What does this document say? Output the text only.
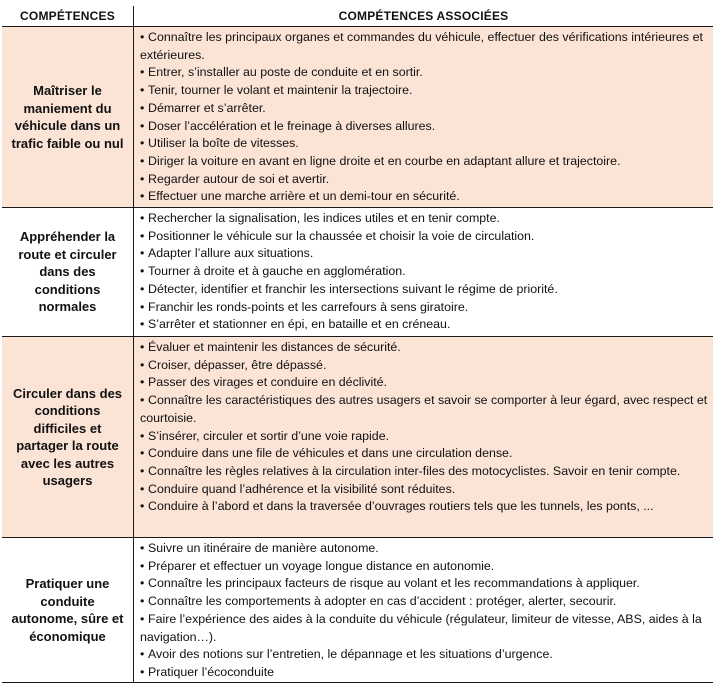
COMPÉTENCES	COMPÉTENCES ASSOCIÉES
Maîtriser le maniement du véhicule dans un trafic faible ou nul
• Connaître les principaux organes et commandes du véhicule, effectuer des vérifications intérieures et extérieures.
• Entrer, s’installer au poste de conduite et en sortir.
• Tenir, tourner le volant et maintenir la trajectoire.
• Démarrer et s’arrêter.
• Doser l’accélération et le freinage à diverses allures.
• Utiliser la boîte de vitesses.
• Diriger la voiture en avant en ligne droite et en courbe en adaptant allure et trajectoire.
• Regarder autour de soi et avertir.
• Effectuer une marche arrière et un demi-tour en sécurité.
Appréhender la route et circuler dans des conditions normales
• Rechercher la signalisation, les indices utiles et en tenir compte.
• Positionner le véhicule sur la chaussée et choisir la voie de circulation.
• Adapter l’allure aux situations.
• Tourner à droite et à gauche en agglomération.
• Détecter, identifier et franchir les intersections suivant le régime de priorité.
• Franchir les ronds-points et les carrefours à sens giratoire.
• S’arrêter et stationner en épi, en bataille et en créneau.
Circuler dans des conditions difficiles et partager la route avec les autres usagers
• Évaluer et maintenir les distances de sécurité.
• Croiser, dépasser, être dépassé.
• Passer des virages et conduire en déclivité.
• Connaître les caractéristiques des autres usagers et savoir se comporter à leur égard, avec respect et courtoisie.
• S’insérer, circuler et sortir d’une voie rapide.
• Conduire dans une file de véhicules et dans une circulation dense.
• Connaître les règles relatives à la circulation inter-files des motocyclistes. Savoir en tenir compte.
• Conduire quand l’adhérence et la visibilité sont réduites.
• Conduire à l’abord et dans la traversée d’ouvrages routiers tels que les tunnels, les ponts, ...
Pratiquer une conduite autonome, sûre et économique
• Suivre un itinéraire de manière autonome.
• Préparer et effectuer un voyage longue distance en autonomie.
• Connaître les principaux facteurs de risque au volant et les recommandations à appliquer.
• Connaître les comportements à adopter en cas d’accident : protéger, alerter, secourir.
• Faire l’expérience des aides à la conduite du véhicule (régulateur, limiteur de vitesse, ABS, aides à la navigation…).
• Avoir des notions sur l’entretien, le dépannage et les situations d’urgence.
• Pratiquer l’écoconduite
